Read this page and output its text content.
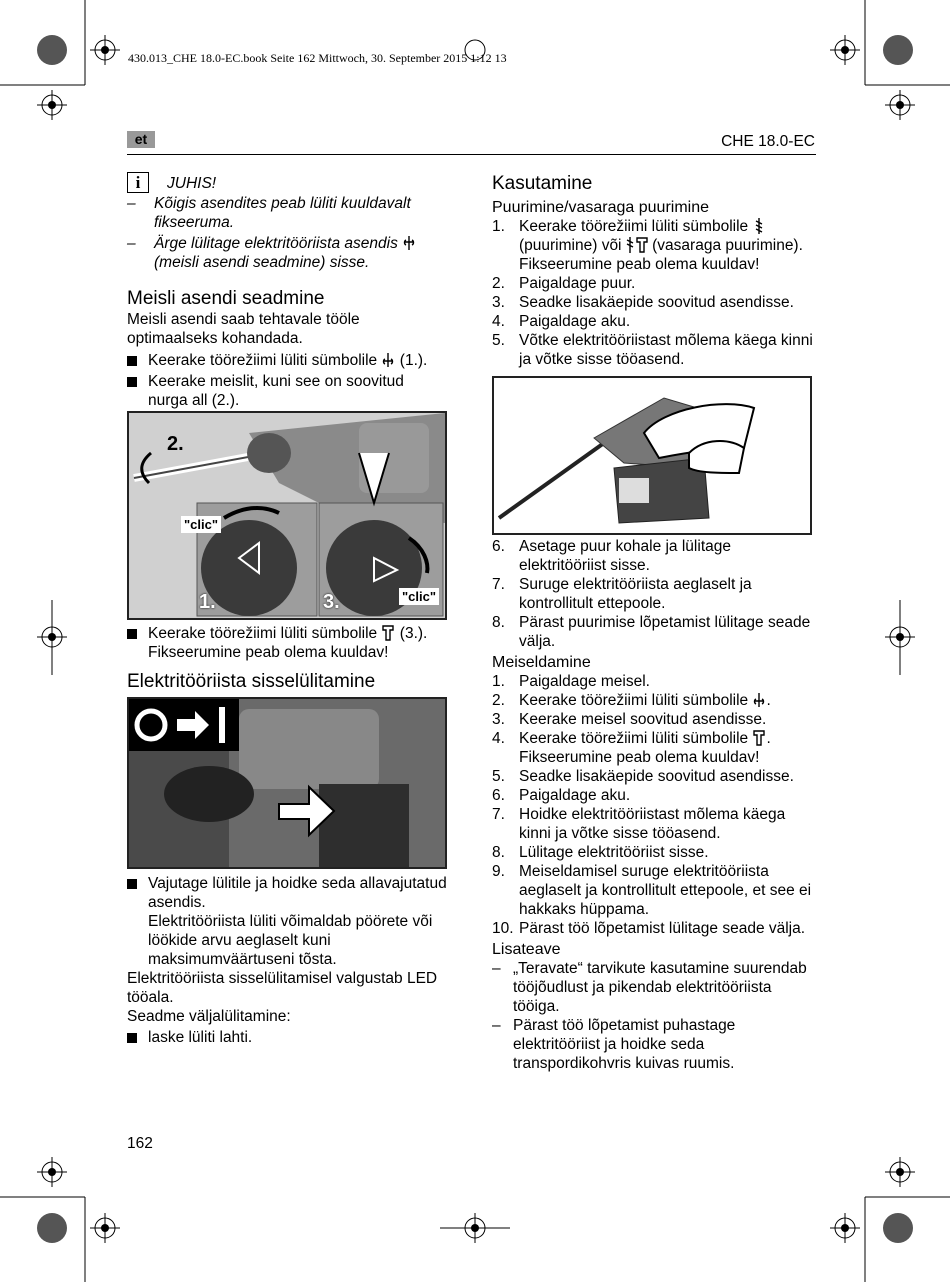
430.013_CHE 18.0-EC.book Seite 162 Mittwoch, 30. September 2015 1:12 13
et	CHE 18.0-EC
i	JUHIS!
–	Kõigis asendites peab lüliti kuuldavalt fikseeruma.
–	Ärge lülitage elektritööriista asendis
(meisli asendi seadmine) sisse.
Meisli asendi seadmine
Meisli asendi saab tehtavale tööle optimaalseks kohandada.
Keerake töörežiimi lüliti sümbolile (1.).
Keerake meislit, kuni see on soovitud nurga all (2.).
2.
1.	3.
"clic"
"clic"
Keerake töörežiimi lüliti sümbolile (3.).
Fikseerumine peab olema kuuldav!
Elektritööriista sisselülitamine
Vajutage lülitile ja hoidke seda allavajutatud asendis.
Elektritööriista lüliti võimaldab pöörete või löökide arvu aeglaselt kuni maksimumväärtuseni tõsta.
Elektritööriista sisselülitamisel valgustab LED tööala.
Seadme väljalülitamine:
laske lüliti lahti.
Kasutamine
Puurimine/vasaraga puurimine
1. Keerake töörežiimi lüliti sümbolile  (puurimine) või (vasaraga puurimine). Fikseerumine peab olema kuuldav!
2. Paigaldage puur.
3. Seadke lisakäepide soovitud asendisse.
4. Paigaldage aku.
5. Võtke elektritööriistast mõlema käega kinni ja võtke sisse tööasend.
6. Asetage puur kohale ja lülitage elektritööriist sisse.
7. Suruge elektritööriista aeglaselt ja kontrollitult ettepoole.
8. Pärast puurimise lõpetamist lülitage seade välja.
Meiseldamine
1. Paigaldage meisel.
2. Keerake töörežiimi lüliti sümbolile .
3. Keerake meisel soovitud asendisse.
4. Keerake töörežiimi lüliti sümbolile .
Fikseerumine peab olema kuuldav!
5. Seadke lisakäepide soovitud asendisse.
6. Paigaldage aku.
7. Hoidke elektritööriistast mõlema käega kinni ja võtke sisse tööasend.
8. Lülitage elektritööriist sisse.
9. Meiseldamisel suruge elektritööriista aeglaselt ja kontrollitult ettepoole, et see ei hakkaks hüppama.
10. Pärast töö lõpetamist lülitage seade välja.
Lisateave
– „Teravate“ tarvikute kasutamine suurendab tööjõudlust ja pikendab elektritööriista tööiga.
– Pärast töö lõpetamist puhastage elektritööriist ja hoidke seda transpordikohvris kuivas ruumis.
162
